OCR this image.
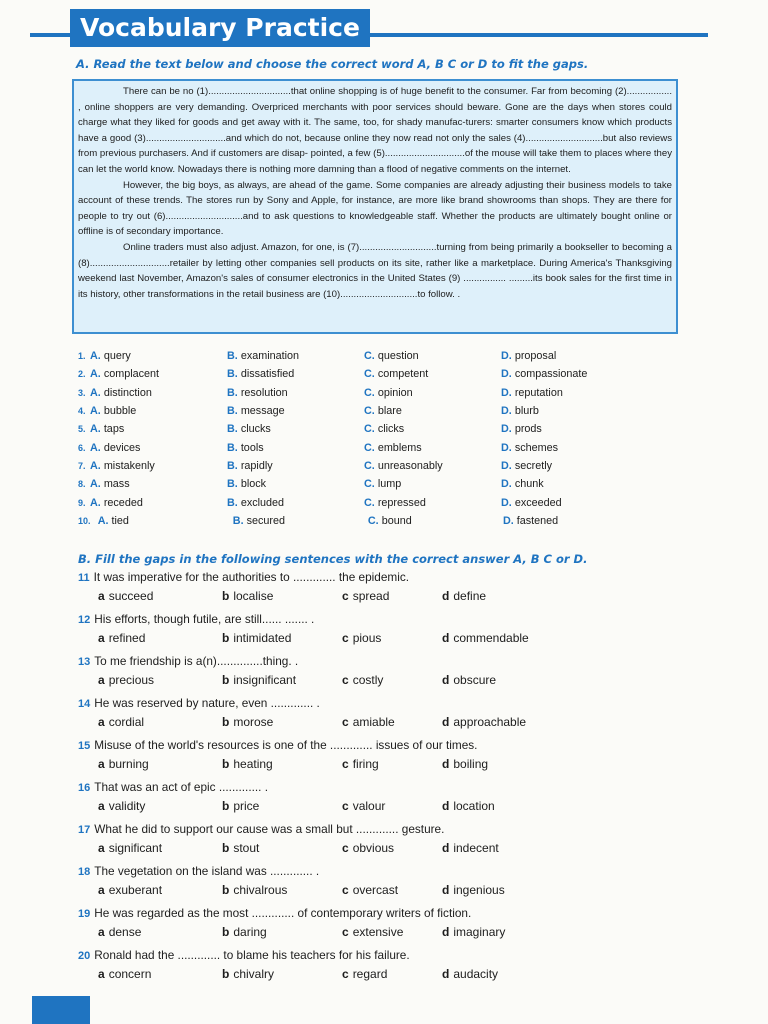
Vocabulary Practice
A. Read the text below and choose the correct word A, B C or D to fit the gaps.

There can be no (1)...............................that online shopping is of huge benefit to the consumer. Far from becoming (2)................. , online shoppers are very demanding. Overpriced merchants with poor services should beware. Gone are the days when stores could charge what they liked for goods and get away with it. The same, too, for shady manufac-turers: smarter consumers know which products have a good (3)..............................and which do not, because online they now read not only the sales (4).............................but also reviews from previous purchasers. And if customers are disap- pointed, a few (5)..............................of the mouse will take them to places where they can let the world know. Nowadays there is nothing more damning than a flood of negative comments on the internet.

However, the big boys, as always, are ahead of the game. Some companies are already adjusting their business models to take account of these trends. The stores run by Sony and Apple, for instance, are more like brand showrooms than shops. They are there for people to try out (6).............................and to ask questions to knowledgeable staff. Whether the products are ultimately bought online or offline is of secondary importance.

Online traders must also adjust. Amazon, for one, is (7).............................turning from being primarily a bookseller to becoming a (8)..............................retailer by letting other companies sell products on its site, rather like a marketplace. During America's Thanksgiving weekend last November, Amazon's sales of consumer electronics in the United States (9) ................ .........its book sales for the first time in its history, other transformations in the retail business are (10).............................to follow. .

1. A. query	B. examination	C. question	D. proposal
2. A. complacent	B. dissatisfied	C. competent	D. compassionate
3. A. distinction	B. resolution	C. opinion	D. reputation
4. A. bubble	B. message	C. blare	D. blurb
5. A. taps	B. clucks	C. clicks	D. prods
6. A. devices	B. tools	C. emblems	D. schemes
7. A. mistakenly	B. rapidly	C. unreasonably	D. secretly
8. A. mass	B. block	C. lump	D. chunk
9. A. receded	B. excluded	C. repressed	D. exceeded
10. A. tied	B. secured	C. bound	D. fastened
B. Fill the gaps in the following sentences with the correct answer A, B C or D.
11 It was imperative for the authorities to ............. the epidemic.
a succeed	b localise	c spread	d define
12 His efforts, though futile, are still...... ....... .
a refined	b intimidated	c pious	d commendable
13 To me friendship is a(n)..............thing. .
a precious	b insignificant	c costly	d obscure
14 He was reserved by nature, even ............. .
a cordial	b morose	c amiable	d approachable
15 Misuse of the world's resources is one of the ............. issues of our times.
a burning	b heating	c firing	d boiling
16 That was an act of epic ............. .
a validity	b price	c valour	d location
17 What he did to support our cause was a small but ............. gesture.
a significant	b stout	c obvious	d indecent
18 The vegetation on the island was ............. .
a exuberant	b chivalrous	c overcast	d ingenious
19 He was regarded as the most ............. of contemporary writers of fiction.
a dense	b daring	c extensive	d imaginary
20 Ronald had the ............. to blame his teachers for his failure.
a concern	b chivalry	c regard	d audacity
